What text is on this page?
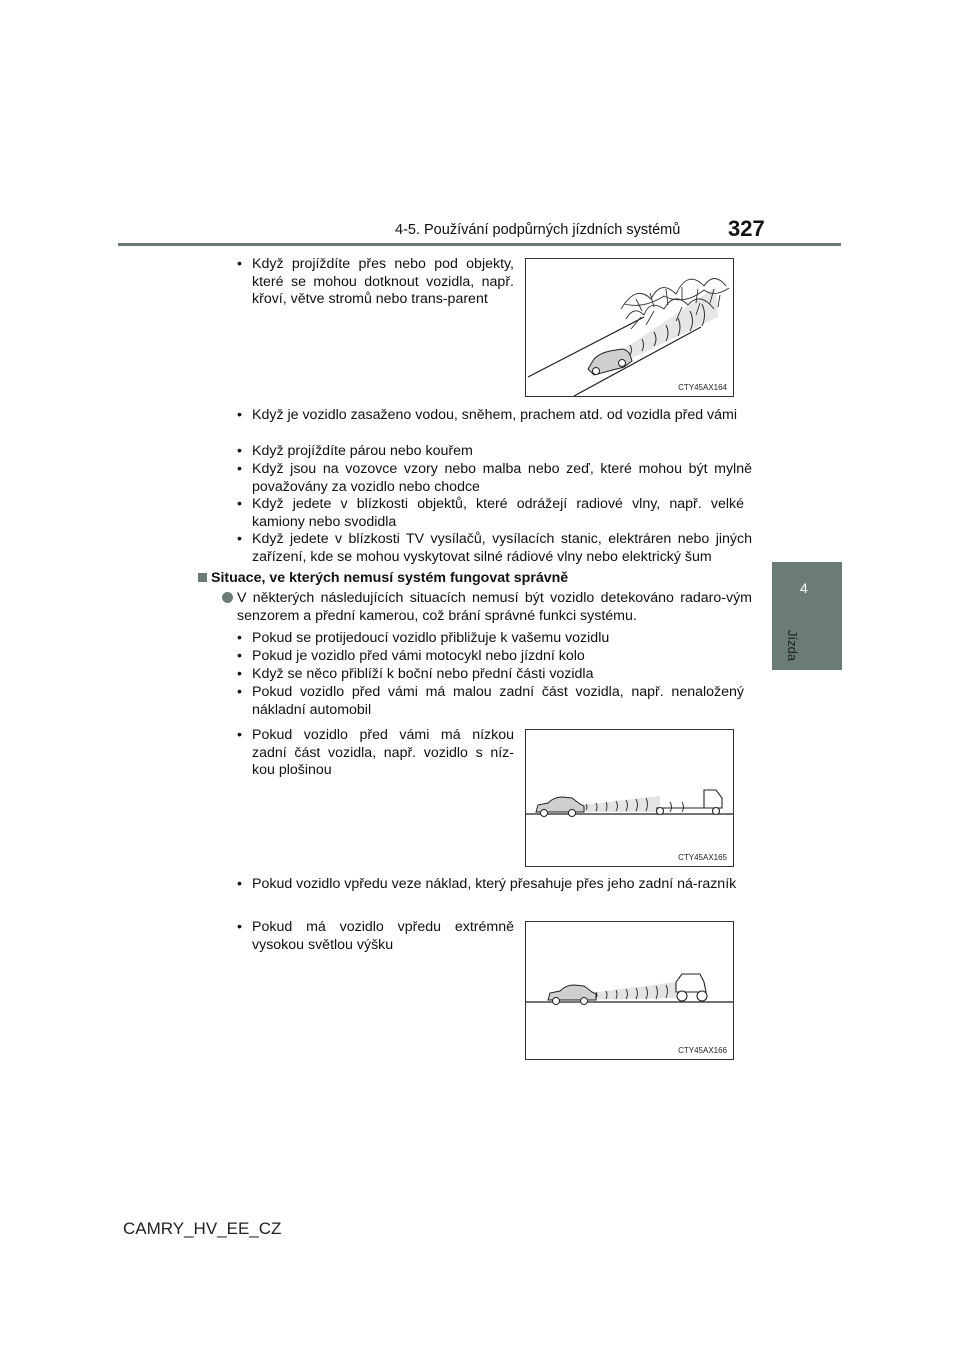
4-5. Používání podpůrných jízdních systémů 327
4
Jízda
• Když projíždíte přes nebo pod objekty, které se mohou dotknout vozidla, např. křoví, větve stromů nebo trans-parent
CTY45AX164
• Když je vozidlo zasaženo vodou, sněhem, prachem atd. od vozidla před vámi
• Když projíždíte párou nebo kouřem
• Když jsou na vozovce vzory nebo malba nebo zeď, které mohou být mylně považovány za vozidlo nebo chodce
• Když jedete v blízkosti objektů, které odrážejí radiové vlny, např. velké kamiony nebo svodidla
• Když jedete v blízkosti TV vysílačů, vysílacích stanic, elektráren nebo jiných zařízení, kde se mohou vyskytovat silné rádiové vlny nebo elektrický šum
Situace, ve kterých nemusí systém fungovat správně
V některých následujících situacích nemusí být vozidlo detekováno radaro-vým senzorem a přední kamerou, což brání správné funkci systému.
• Pokud se protijedoucí vozidlo přibližuje k vašemu vozidlu
• Pokud je vozidlo před vámi motocykl nebo jízdní kolo
• Když se něco přiblíží k boční nebo přední části vozidla
• Pokud vozidlo před vámi má malou zadní část vozidla, např. nenaložený nákladní automobil
• Pokud vozidlo před vámi má nízkou zadní část vozidla, např. vozidlo s níz-kou plošinou
CTY45AX165
• Pokud vozidlo vpředu veze náklad, který přesahuje přes jeho zadní ná-razník
• Pokud má vozidlo vpředu extrémně vysokou světlou výšku
CTY45AX166
CAMRY_HV_EE_CZ
